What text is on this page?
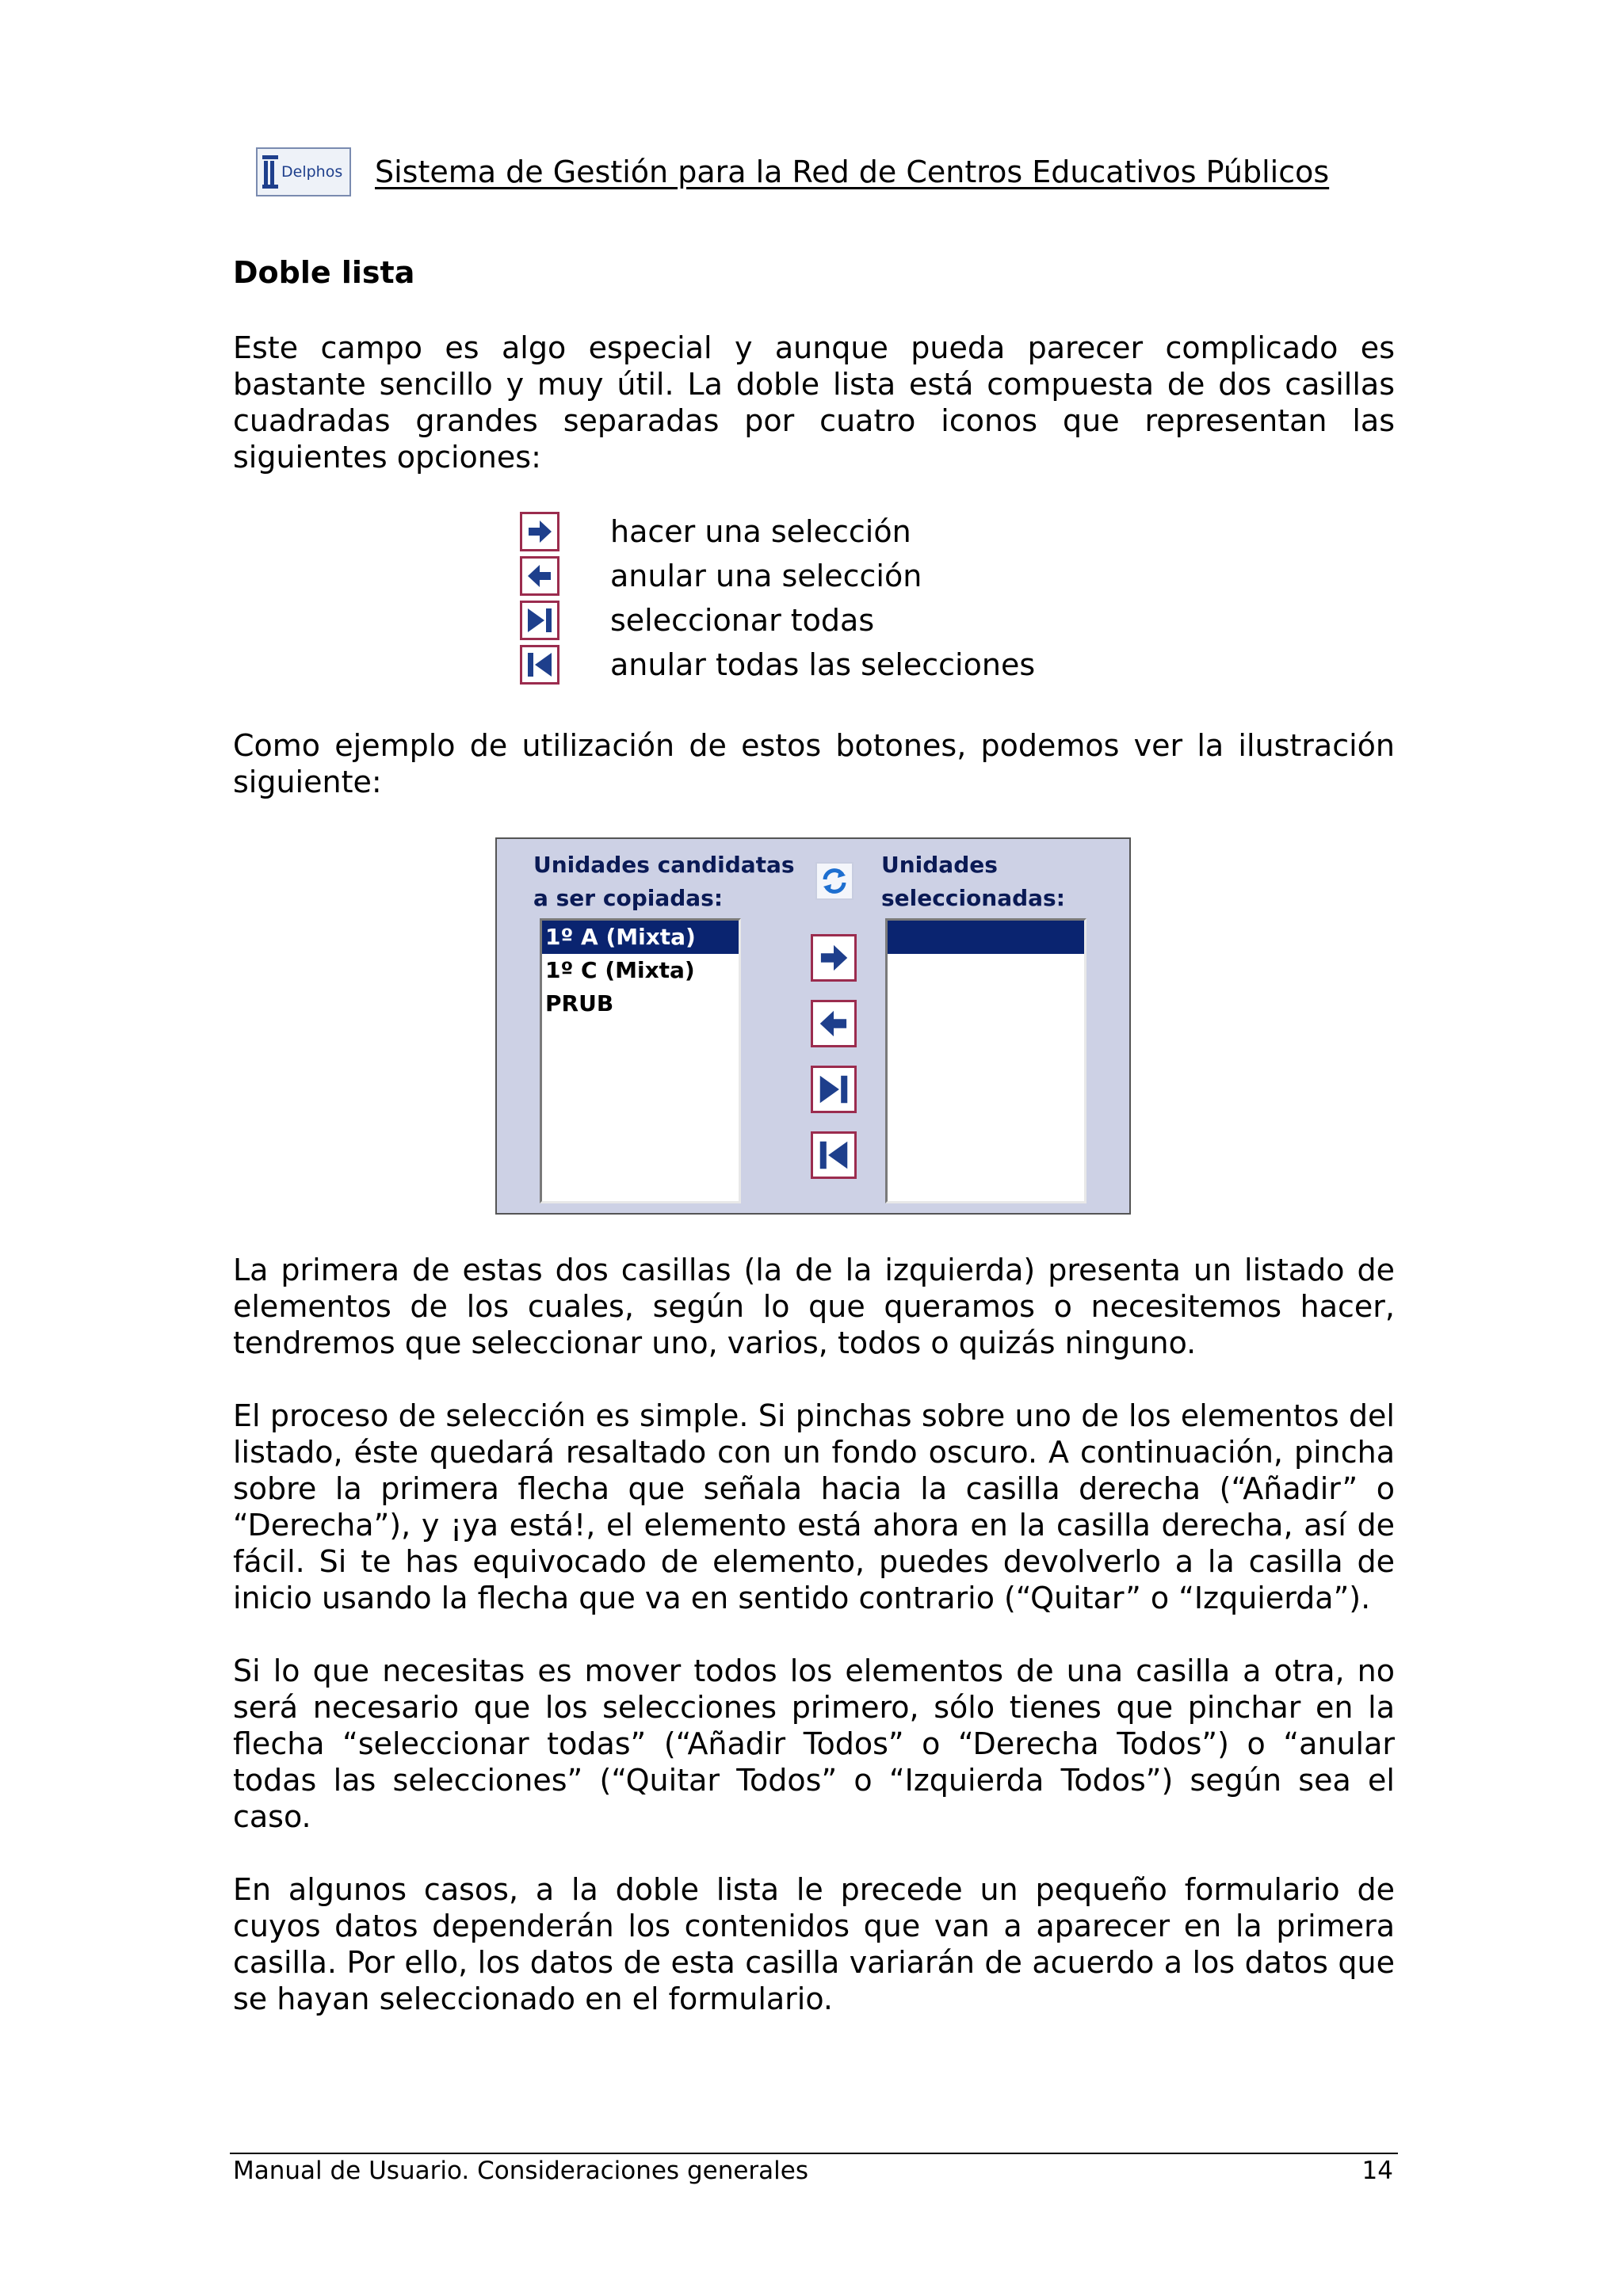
Delphos Sistema de Gestión para la Red de Centros Educativos Públicos
Doble lista

Este campo es algo especial y aunque pueda parecer complicado es bastante sencillo y muy útil. La doble lista está compuesta de dos casillas cuadradas grandes separadas por cuatro iconos que representan las siguientes opciones:

hacer una selección
anular una selección
seleccionar todas
anular todas las selecciones

Como ejemplo de utilización de estos botones, podemos ver la ilustración siguiente:

Unidades candidatas
a ser copiadas:
Unidades
seleccionadas:
1º A (Mixta)
1º C (Mixta)
PRUB

La primera de estas dos casillas (la de la izquierda) presenta un listado de elementos de los cuales, según lo que queramos o necesitemos hacer, tendremos que seleccionar uno, varios, todos o quizás ninguno.

El proceso de selección es simple. Si pinchas sobre uno de los elementos del listado, éste quedará resaltado con un fondo oscuro. A continuación, pincha sobre la primera flecha que señala hacia la casilla derecha (“Añadir” o “Derecha”), y ¡ya está!, el elemento está ahora en la casilla derecha, así de fácil. Si te has equivocado de elemento, puedes devolverlo a la casilla de inicio usando la flecha que va en sentido contrario (“Quitar” o “Izquierda”).

Si lo que necesitas es mover todos los elementos de una casilla a otra, no será necesario que los selecciones primero, sólo tienes que pinchar en la flecha “seleccionar todas” (“Añadir Todos” o “Derecha Todos”) o “anular todas las selecciones” (“Quitar Todos” o “Izquierda Todos”) según sea el caso.

En algunos casos, a la doble lista le precede un pequeño formulario de cuyos datos dependerán los contenidos que van a aparecer en la primera casilla. Por ello, los datos de esta casilla variarán de acuerdo a los datos que se hayan seleccionado en el formulario.

Manual de Usuario. Consideraciones generales	14
